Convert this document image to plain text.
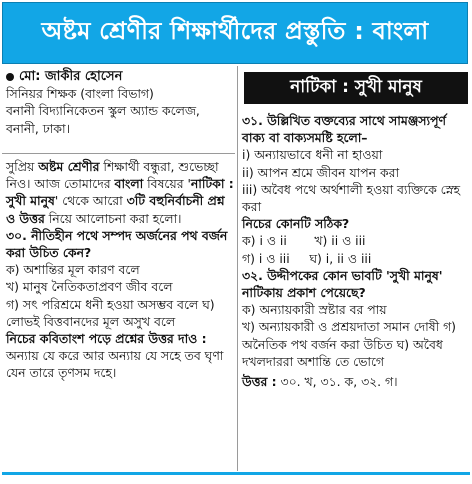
অষ্টম শ্রেণীর শিক্ষার্থীদের প্রস্তুতি : বাংলা
মো: জাকীর হোসেন
সিনিয়র শিক্ষক (বাংলা বিভাগ)
বনানী বিদ্যানিকেতন স্কুল অ্যান্ড কলেজ, বনানী, ঢাকা।
সুপ্রিয় অষ্টম শ্রেণীর শিক্ষার্থী বন্ধুরা, শুভেচ্ছা নিও। আজ তোমাদের বাংলা বিষয়ের 'নাটিকা : সুখী মানুষ' থেকে আরো ৩টি বহুনির্বাচনী প্রশ্ন ও উত্তর নিয়ে আলোচনা করা হলো।
৩০. নীতিহীন পথে সম্পদ অর্জনের পথ বর্জন করা উচিত কেন?
ক) অশান্তির মূল কারণ বলে
খ) মানুষ নৈতিকতাপ্রবণ জীব বলে
গ) সৎ পরিশ্রমে ধনী হওয়া অসম্ভব বলে ঘ) লোভই বিত্তবানদের মূল অসুখ বলে
নিচের কবিতাংশ পড়ে প্রশ্নের উত্তর দাও :
অন্যায় যে করে আর অন্যায় যে সহে তব ঘৃণা যেন তারে তৃণসম দহে।
নাটিকা : সুখী মানুষ
৩১. উল্লিখিত বক্তব্যের সাথে সামঞ্জস্যপূর্ণ বাক্য বা বাক্যসমষ্টি হলো–
i) অন্যায়ভাবে ধনী না হাওয়া
ii) আপন শ্রমে জীবন যাপন করা
iii) অবৈধ পথে অর্থশালী হওয়া ব্যক্তিকে স্নেহ করা
নিচের কোনটি সঠিক?
ক) i ও ii       খ) ii ও iii
গ) i ও iii     ঘ) i, ii ও iii
৩২. উদ্দীপকের কোন ভাবটি 'সুখী মানুষ' নাটিকায় প্রকাশ পেয়েছে?
ক) অন্যায়কারী স্রষ্টার বর পায়
খ) অন্যায়কারী ও প্রশ্রয়দাতা সমান দোষী গ) অনৈতিক পথ বর্জন করা উচিত ঘ) অবৈধ দখলদাররা অশান্তি তে ভোগে
উত্তর : ৩০. খ, ৩১. ক, ৩২. গ।
